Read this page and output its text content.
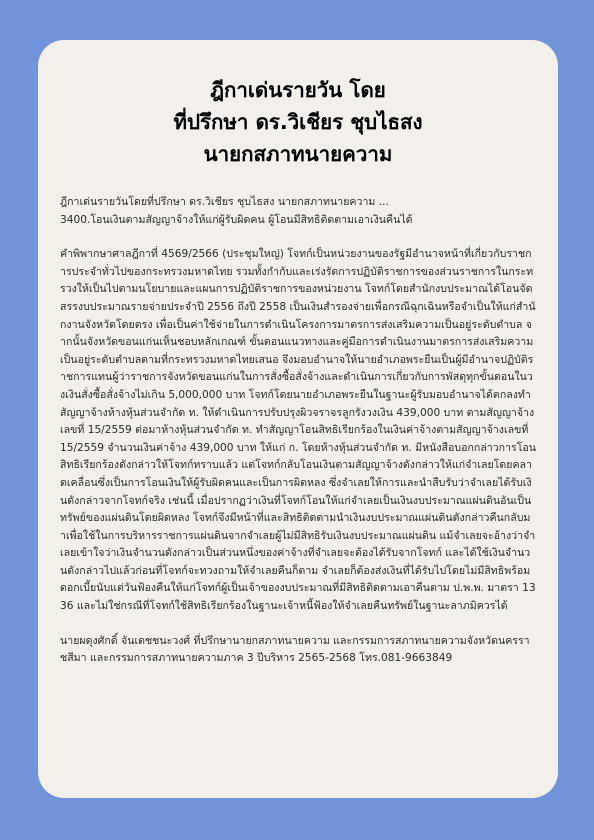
ฎีกาเด่นรายวัน โดย
ที่ปรึกษา ดร.วิเชียร ชุบไธสง
นายกสภาทนายความ
ฎีกาเด่นรายวันโดยที่ปรึกษา ดร.วิเชียร ชุบไธสง นายกสภาทนายความ ...
3400.โอนเงินตามสัญญาจ้างให้แก่ผู้รับผิดคน ผู้โอนมีสิทธิติดตามเอาเงินคืนได้

คำพิพากษาศาลฎีกาที่ 4569/2566 (ประชุมใหญ่) โจทก์เป็นหน่วยงานของรัฐมีอำนาจหน้าที่เกี่ยวกับราชการประจำทั่วไปของกระทรวงมหาดไทย รวมทั้งกำกับและเร่งรัดการปฏิบัติราชการของส่วนราชการในกระทรวงให้เป็นไปตามนโยบายและแผนการปฏิบัติราชการของหน่วยงาน โจทก์โดยสำนักงบประมาณได้โอนจัดสรรงบประมาณรายจ่ายประจำปี 2556 ถึงปี 2558 เป็นเงินสำรองจ่ายเพื่อกรณีฉุกเฉินหรือจำเป็นให้แก่สำนักงานจังหวัดโดยตรง เพื่อเป็นค่าใช้จ่ายในการดำเนินโครงการมาตรการส่งเสริมความเป็นอยู่ระดับตำบล จากนั้นจังหวัดขอนแก่นเห็นชอบหลักเกณฑ์ ขั้นตอนแนวทางและคู่มือการดำเนินงานมาตรการส่งเสริมความเป็นอยู่ระดับตำบลตามที่กระทรวงมหาดไทยเสนอ จึงมอบอำนาจให้นายอำเภอพระยืนเป็นผู้มีอำนาจปฏิบัติราชการแทนผู้ว่าราชการจังหวัดขอนแก่นในการสั่งซื้อสั่งจ้างและดำเนินการเกี่ยวกับการพัสดุทุกขั้นตอนในวงเงินสั่งซื้อสั่งจ้างไม่เกิน 5,000,000 บาท โจทก์โดยนายอำเภอพระยืนในฐานะผู้รับมอบอำนาจได้ตกลงทำสัญญาจ้างห้างหุ้นส่วนจำกัด ท. ให้ดำเนินการปรับปรุงผิวจราจรลูกรังวงเงิน 439,000 บาท ตามสัญญาจ้างเลขที่ 15/2559 ต่อมาห้างหุ้นส่วนจำกัด ท. ทำสัญญาโอนสิทธิเรียกร้องในเงินค่าจ้างตามสัญญาจ้างเลขที่ 15/2559 จำนวนเงินค่าจ้าง 439,000 บาท ให้แก่ ก. โดยห้างหุ้นส่วนจำกัด ท. มีหนังสือบอกกล่าวการโอนสิทธิเรียกร้องดังกล่าวให้โจทก์ทราบแล้ว แต่โจทก์กลับโอนเงินตามสัญญาจ้างดังกล่าวให้แก่จำเลยโดยคลาดเคลื่อนซึ่งเป็นการโอนเงินให้ผู้รับผิดคนและเป็นการผิดหลง ซึ่งจำเลยให้การและนำสืบรับว่าจำเลยได้รับเงินดังกล่าวจากโจทก์จริง เช่นนี้ เมื่อปรากฏว่าเงินที่โจทก์โอนให้แก่จำเลยเป็นเงินงบประมาณแผ่นดินอันเป็นทรัพย์ของแผ่นดินโดยผิดหลง โจทก์จึงมีหน้าที่และสิทธิติดตามนำเงินงบประมาณแผ่นดินดังกล่าวคืนกลับมาเพื่อใช้ในการบริหารราชการแผ่นดินจากจำเลยผู้ไม่มีสิทธิรับเงินงบประมาณแผ่นดิน แม้จำเลยจะอ้างว่าจำเลยเข้าใจว่าเงินจำนวนดังกล่าวเป็นส่วนหนึ่งของค่าจ้างที่จำเลยจะต้องได้รับจากโจทก์ และได้ใช้เงินจำนวนดังกล่าวไปแล้วก่อนที่โจทก์จะทวงถามให้จำเลยคืนก็ตาม จำเลยก็ต้องส่งเงินที่ได้รับไปโดยไม่มีสิทธิพร้อมดอกเบี้ยนับแต่วันฟ้องคืนให้แก่โจทก์ผู้เป็นเจ้าของงบประมาณที่มีสิทธิติดตามเอาคืนตาม ป.พ.พ. มาตรา 1336 และไม่ใช่กรณีที่โจทก์ใช้สิทธิเรียกร้องในฐานะเจ้าหนี้ฟ้องให้จำเลยคืนทรัพย์ในฐานะลาภมิควรได้

นายผดุงศักดิ์ จันเดชชนะวงศ์ ที่ปรึกษานายกสภาทนายความ และกรรมการสภาทนายความจังหวัดนครราชสีมา และกรรมการสภาทนายความภาค 3 ปีบริหาร 2565-2568 โทร.081-9663849
